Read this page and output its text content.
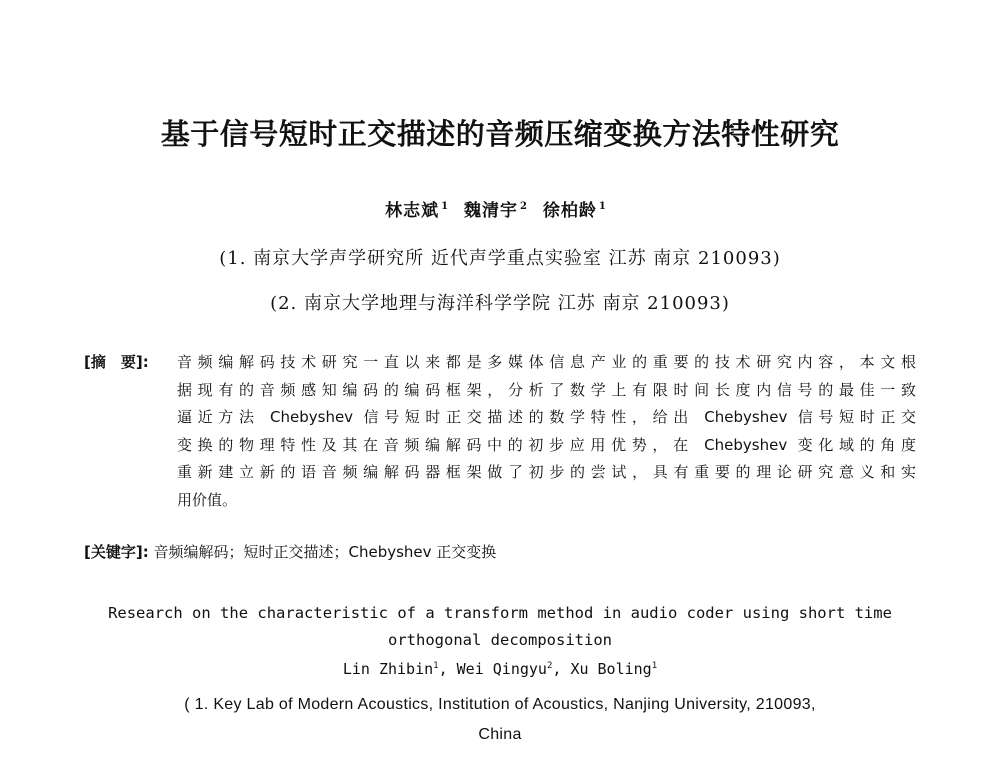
基于信号短时正交描述的音频压缩变换方法特性研究
林志斌 $^1$ 魏清宇 $^2$ 徐柏龄 $^1$
(1. 南京大学声学研究所 近代声学重点实验室 江苏 南京 210093)
(2. 南京大学地理与海洋科学学院 江苏 南京 210093)
[摘　要]: 音频编解码技术研究一直以来都是多媒体信息产业的重要的技术研究内容，本文根
据现有的音频感知编码的编码框架，分析了数学上有限时间长度内信号的最佳一致
逼近方法 Chebyshev 信号短时正交描述的数学特性，给出 Chebyshev 信号短时正交
变换的物理特性及其在音频编解码中的初步应用优势，在 Chebyshev 变化域的角度
重新建立新的语音频编解码器框架做了初步的尝试，具有重要的理论研究意义和实
用价值。
[关键字]: 音频编解码；短时正交描述；Chebyshev 正交变换
Research on the characteristic of a transform method in audio coder using short time
orthogonal decomposition
Lin Zhibin$^1$, Wei Qingyu$^2$, Xu Boling$^1$
( 1. Key Lab of Modern Acoustics, Institution of Acoustics, Nanjing University, 210093,
China
